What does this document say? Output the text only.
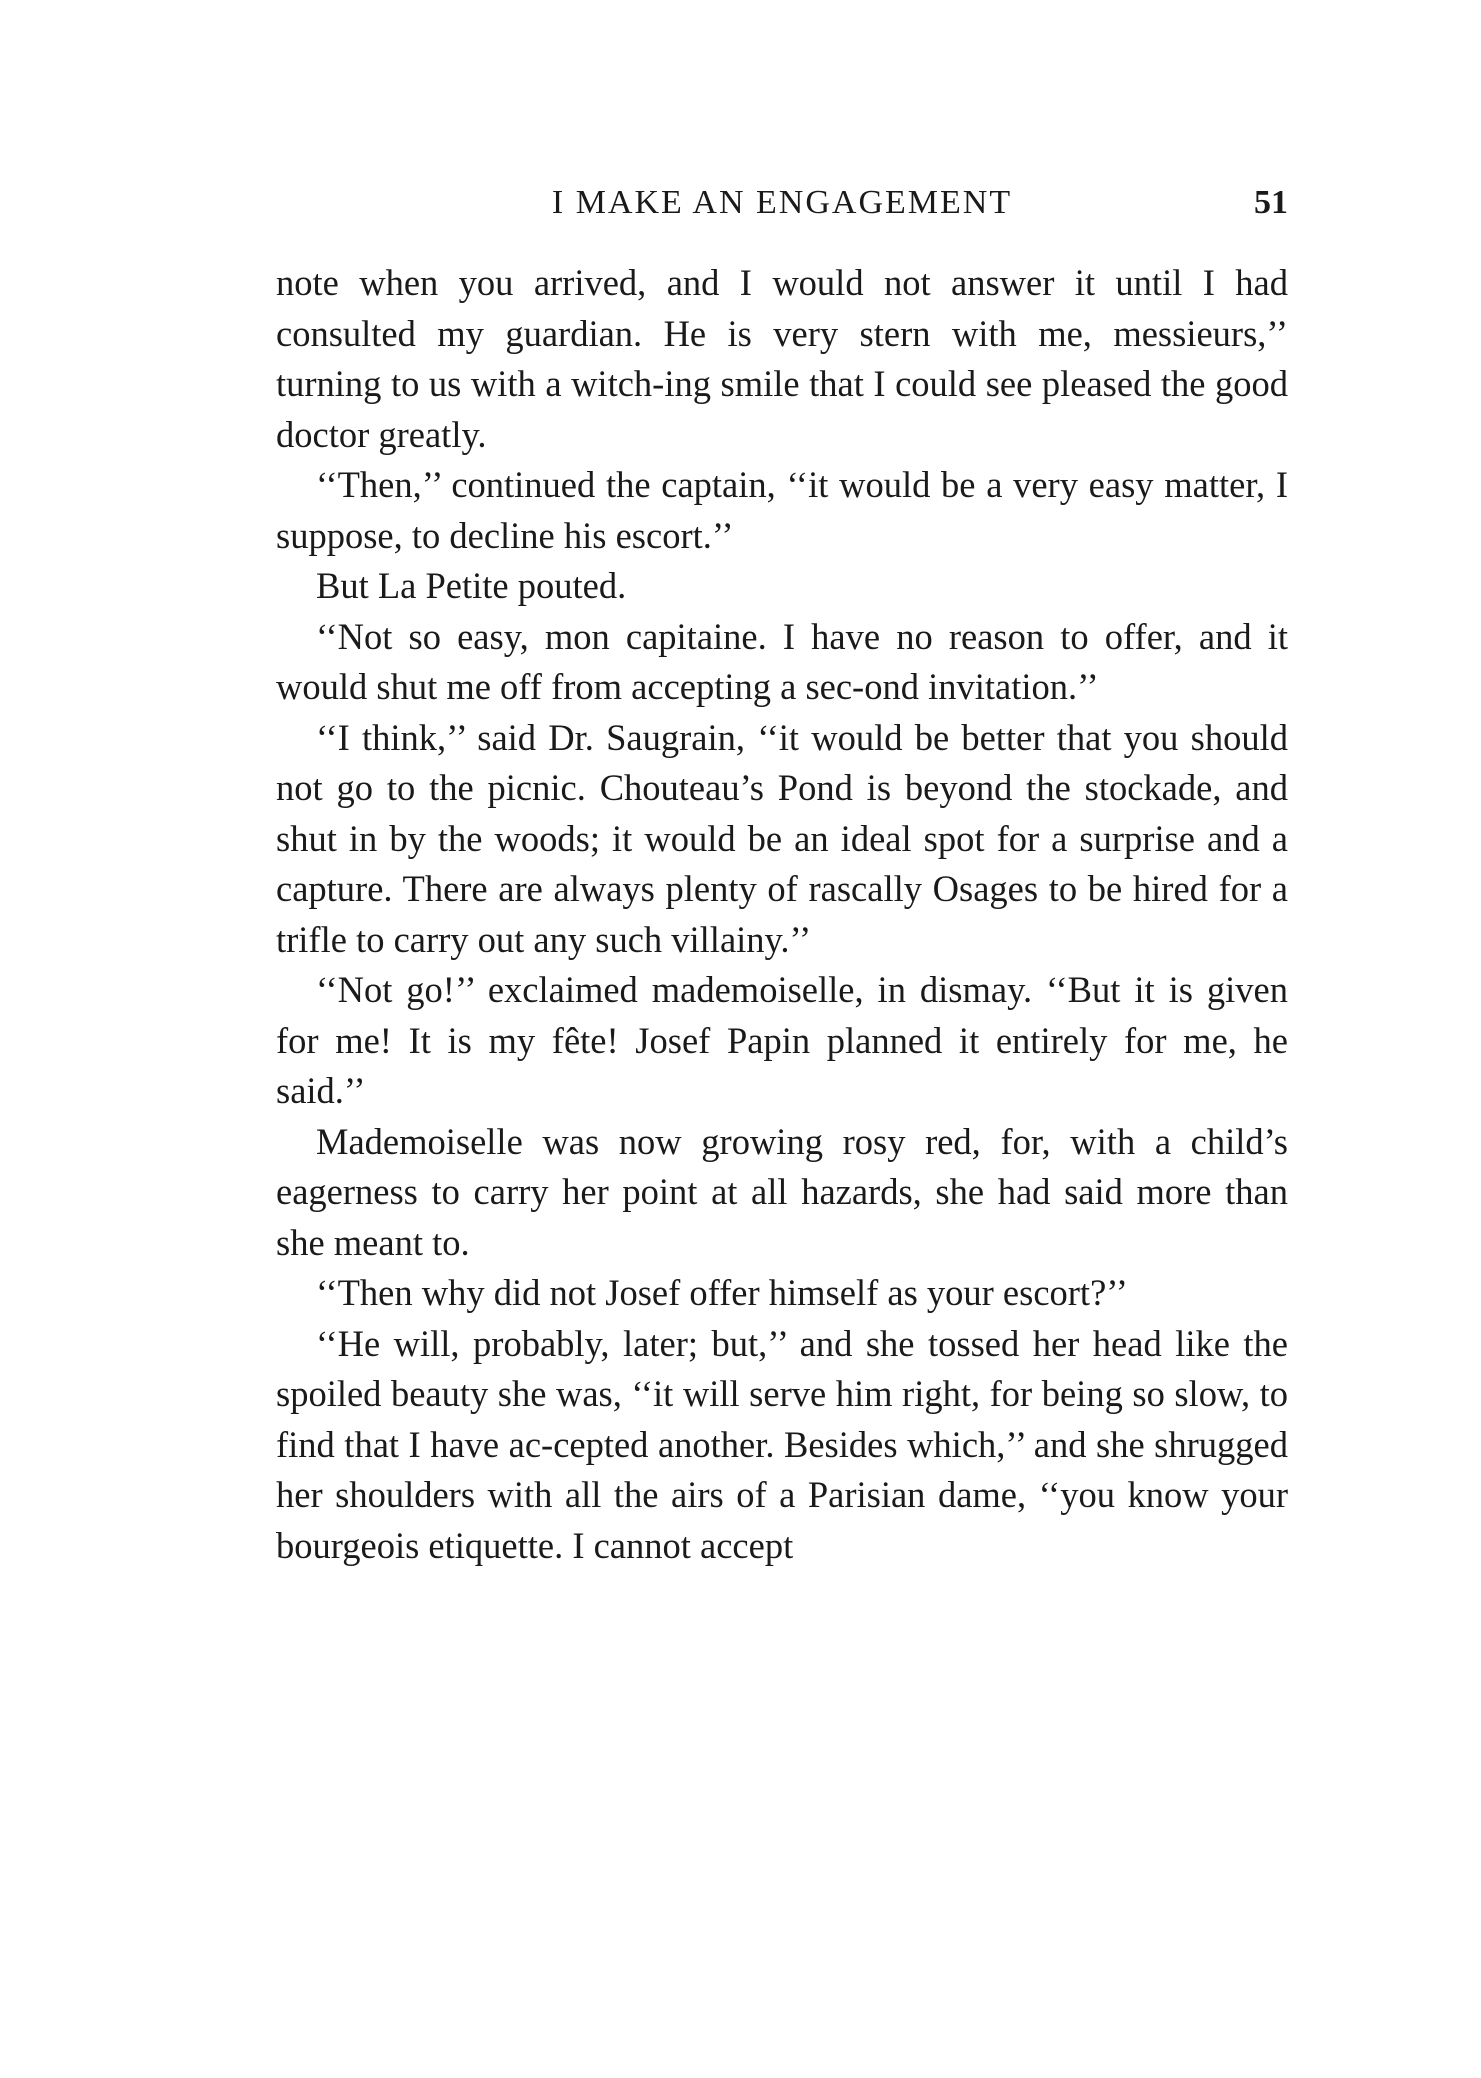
I MAKE AN ENGAGEMENT	51

note when you arrived, and I would not answer it until I had consulted my guardian. He is very stern with me, messieurs,’’ turning to us with a witch-ing smile that I could see pleased the good doctor greatly.

‘‘Then,’’ continued the captain, ‘‘it would be a very easy matter, I suppose, to decline his escort.’’

But La Petite pouted.

‘‘Not so easy, mon capitaine. I have no reason to offer, and it would shut me off from accepting a sec-ond invitation.’’

‘‘I think,’’ said Dr. Saugrain, ‘‘it would be better that you should not go to the picnic. Chouteau’s Pond is beyond the stockade, and shut in by the woods; it would be an ideal spot for a surprise and a capture. There are always plenty of rascally Osages to be hired for a trifle to carry out any such villainy.’’

‘‘Not go!’’ exclaimed mademoiselle, in dismay. ‘‘But it is given for me! It is my fête! Josef Papin planned it entirely for me, he said.’’

Mademoiselle was now growing rosy red, for, with a child’s eagerness to carry her point at all hazards, she had said more than she meant to.

‘‘Then why did not Josef offer himself as your escort?’’

‘‘He will, probably, later; but,’’ and she tossed her head like the spoiled beauty she was, ‘‘it will serve him right, for being so slow, to find that I have ac-cepted another. Besides which,’’ and she shrugged her shoulders with all the airs of a Parisian dame, ‘‘you know your bourgeois etiquette. I cannot accept
